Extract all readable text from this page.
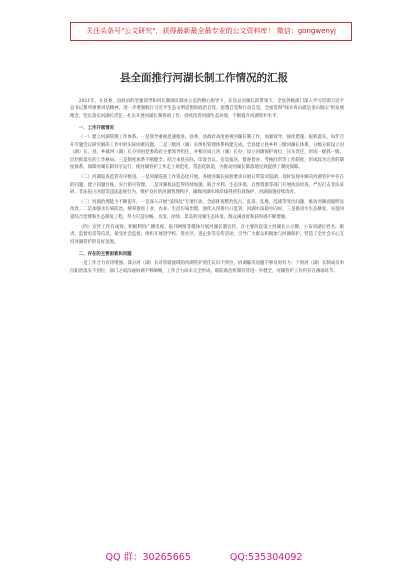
关注头条号"公文研究"，获得最新最全最专业的公文资料库！ 微信：gongwenyj
县全面推行河湖长制工作情况的汇报

2021年，在县委、县政府的坚强领导和河长制湖长制办公室的精心指导下，在县总河湖长的带领下，全县各级部门深入学习贯彻习近平总书记系列重要讲话精神，进一步增强践行习近平生态文明思想的政治自觉、思想自觉和行动自觉，全面贯彻"绿水青山就是金山银山"的发展理念，坚定落实河湖长责任，扎实开展河湖长制各项工作，持续改善河湖生态环境，不断提升河湖管护水平。

一、工作开展情况

（一）建立河湖管理工作体系。一是领导重视迅速推进。县委、县政府高度重视河湖长制工作，加强领导、强化措施、狠抓落实，每年召开专题会议研究解决工作中的实际困难问题。二是三级河（湖）长组织管理体系构建完成。全县建立县乡村三级河湖长体系，分级分段设立河（湖）长，县、乡镇河（湖）长分别由党委政府主要领导担任，并相应成立河（湖）长办，设立河湖保护岗位，压实责任，形成一级抓一级、层层抓落实的工作格局。三是制度体系不断健全。结合本县实际，印发会议、信息报送、督查督办、考核问责等工作制度，形成较为完善的制度体系，保障河湖长制有序运行，使河湖管护工作走上规范化、常态化轨道，为推动河湖长制落地见效提供了制度保障。

（二）河湖巡查监管有序推进。一是河湖巡查工作常态化开展。各级河湖长按照要求开展日常巡河巡湖，及时发现并解决河湖管护中存在的问题，建立问题台账，实行销号管理。二是河湖执法监管持续加强。联合水利、生态环境、自然资源等部门开展执法检查，严厉打击非法采砂、非法侵占河道等违法违规行为，维护良好的河湖管理秩序，确保河湖水域岸线得到有效保护，河湖面貌持续改善。

（三）河湖治理能力不断提升。一是深入开展"清四乱"专项行动，全面排查整治乱占、乱采、乱堆、乱建等突出问题，推动河湖面貌明显改善。二是加强水污染防治，统筹推进工业、农业、生活污染治理，强化入河排污口监管，河湖水质稳中向好。三是推进水生态修复，实施河道综合治理和生态修复工程，努力打造河畅、水清、岸绿、景美的河湖生态环境，群众满意度和获得感不断增强。

（四）宣传工作有成效。积极利用广播电视、报刊网络等媒体开展河湖长制宣传，在主要河段设立河湖长公示牌，公布河湖长姓名、职责、监督电话等信息，接受社会监督。组织开展进学校、进社区、进企业等宣传活动，引导广大群众积极参与河湖保护，营造了全社会关心支持河湖管护的良好氛围。

二、存在的主要困难和问题

一是工作合力有待增强。部分河（湖）长对管辖流域的河湖管护责任认识不到位，协调解决问题不够及时有力；个别河（湖）长制成员单位职责落实不到位，部门之间沟通协调不够顺畅，工作合力尚未完全形成，联防联治机制有待进一步健全，河湖管护工作仍存在薄弱环节。

QQ 群：30265665	QQ:535304092
